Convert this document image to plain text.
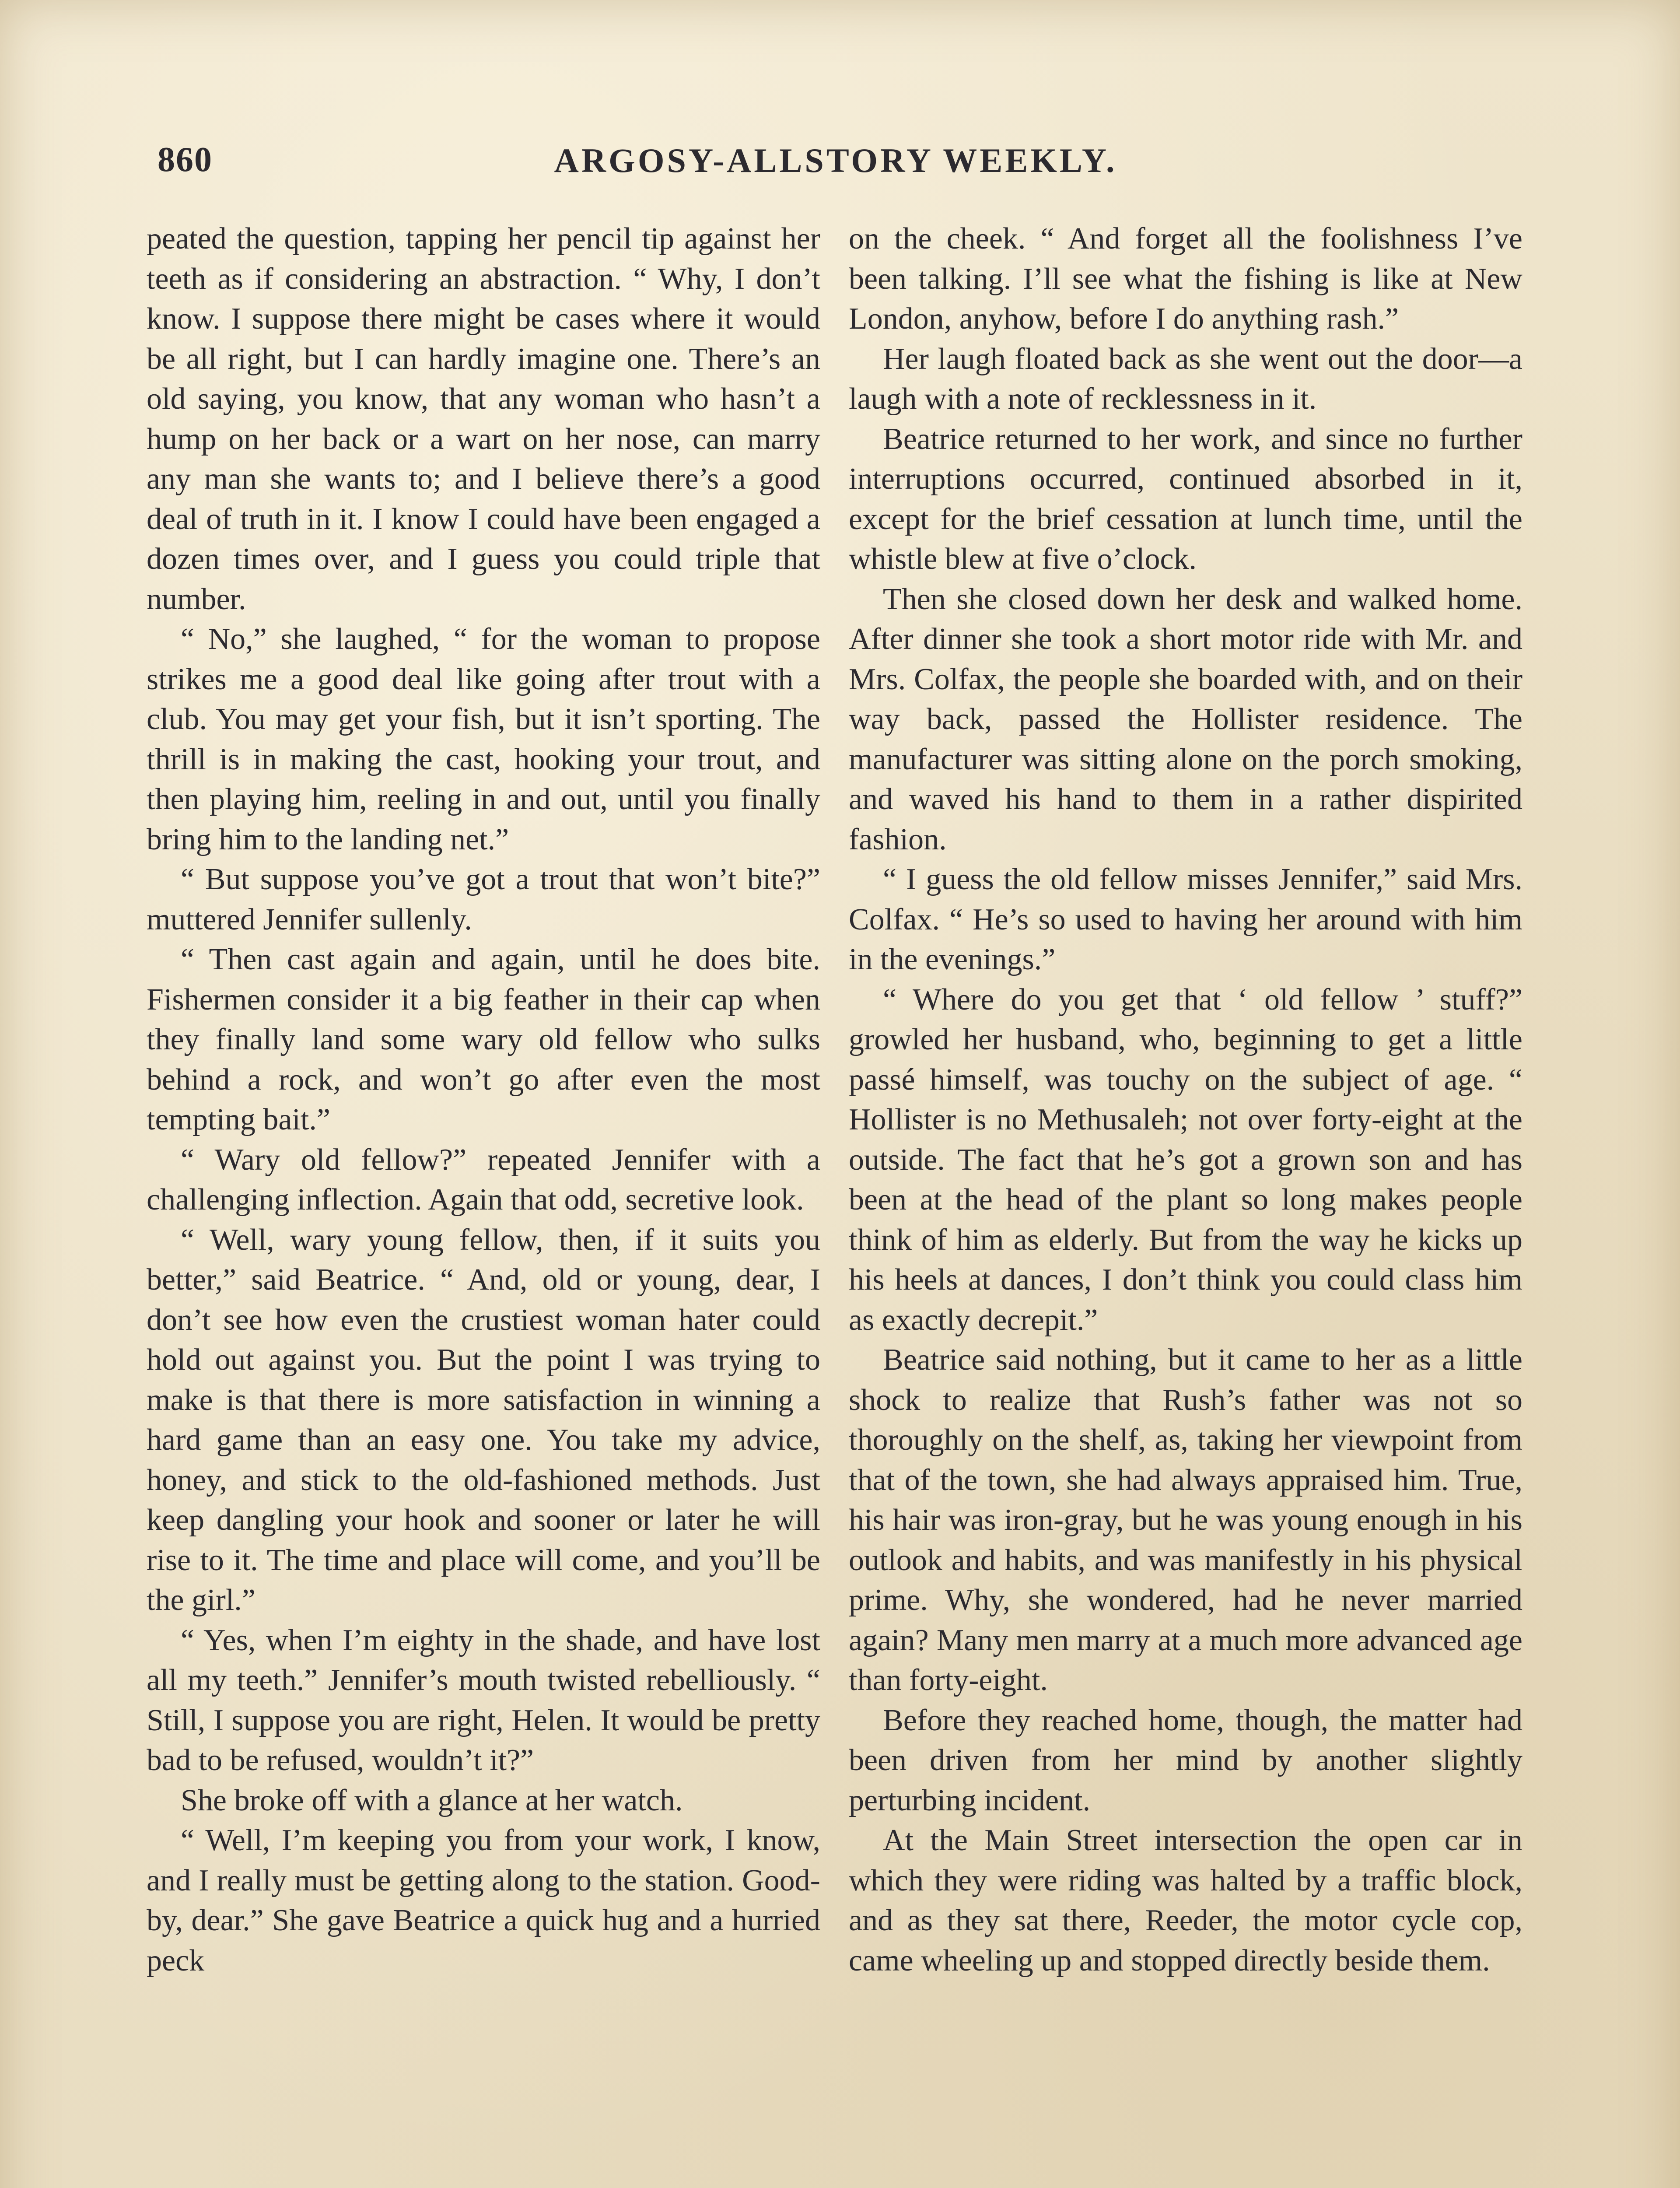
860	ARGOSY-ALLSTORY WEEKLY.

peated the question, tapping her pencil tip against her teeth as if considering an abstraction. “ Why, I don’t know. I suppose there might be cases where it would be all right, but I can hardly imagine one. There’s an old saying, you know, that any woman who hasn’t a hump on her back or a wart on her nose, can marry any man she wants to; and I believe there’s a good deal of truth in it. I know I could have been engaged a dozen times over, and I guess you could triple that number.

“ No,” she laughed, “ for the woman to propose strikes me a good deal like going after trout with a club. You may get your fish, but it isn’t sporting. The thrill is in making the cast, hooking your trout, and then playing him, reeling in and out, until you finally bring him to the landing net.”

“ But suppose you’ve got a trout that won’t bite?” muttered Jennifer sullenly.

“ Then cast again and again, until he does bite. Fishermen consider it a big feather in their cap when they finally land some wary old fellow who sulks behind a rock, and won’t go after even the most tempting bait.”

“ Wary old fellow?” repeated Jennifer with a challenging inflection. Again that odd, secretive look.

“ Well, wary young fellow, then, if it suits you better,” said Beatrice. “ And, old or young, dear, I don’t see how even the crustiest woman hater could hold out against you. But the point I was trying to make is that there is more satisfaction in winning a hard game than an easy one. You take my advice, honey, and stick to the old-fashioned methods. Just keep dangling your hook and sooner or later he will rise to it. The time and place will come, and you’ll be the girl.”

“ Yes, when I’m eighty in the shade, and have lost all my teeth.” Jennifer’s mouth twisted rebelliously. “ Still, I suppose you are right, Helen. It would be pretty bad to be refused, wouldn’t it?”

She broke off with a glance at her watch.

“ Well, I’m keeping you from your work, I know, and I really must be getting along to the station. Good-by, dear.” She gave Beatrice a quick hug and a hurried peck

on the cheek. “ And forget all the foolishness I’ve been talking. I’ll see what the fishing is like at New London, anyhow, before I do anything rash.”

Her laugh floated back as she went out the door—a laugh with a note of recklessness in it.

Beatrice returned to her work, and since no further interruptions occurred, continued absorbed in it, except for the brief cessation at lunch time, until the whistle blew at five o’clock.

Then she closed down her desk and walked home. After dinner she took a short motor ride with Mr. and Mrs. Colfax, the people she boarded with, and on their way back, passed the Hollister residence. The manufacturer was sitting alone on the porch smoking, and waved his hand to them in a rather dispirited fashion.

“ I guess the old fellow misses Jennifer,” said Mrs. Colfax. “ He’s so used to having her around with him in the evenings.”

“ Where do you get that ‘ old fellow ’ stuff?” growled her husband, who, beginning to get a little passé himself, was touchy on the subject of age. “ Hollister is no Methusaleh; not over forty-eight at the outside. The fact that he’s got a grown son and has been at the head of the plant so long makes people think of him as elderly. But from the way he kicks up his heels at dances, I don’t think you could class him as exactly decrepit.”

Beatrice said nothing, but it came to her as a little shock to realize that Rush’s father was not so thoroughly on the shelf, as, taking her viewpoint from that of the town, she had always appraised him. True, his hair was iron-gray, but he was young enough in his outlook and habits, and was manifestly in his physical prime. Why, she wondered, had he never married again? Many men marry at a much more advanced age than forty-eight.

Before they reached home, though, the matter had been driven from her mind by another slightly perturbing incident.

At the Main Street intersection the open car in which they were riding was halted by a traffic block, and as they sat there, Reeder, the motor cycle cop, came wheeling up and stopped directly beside them.
